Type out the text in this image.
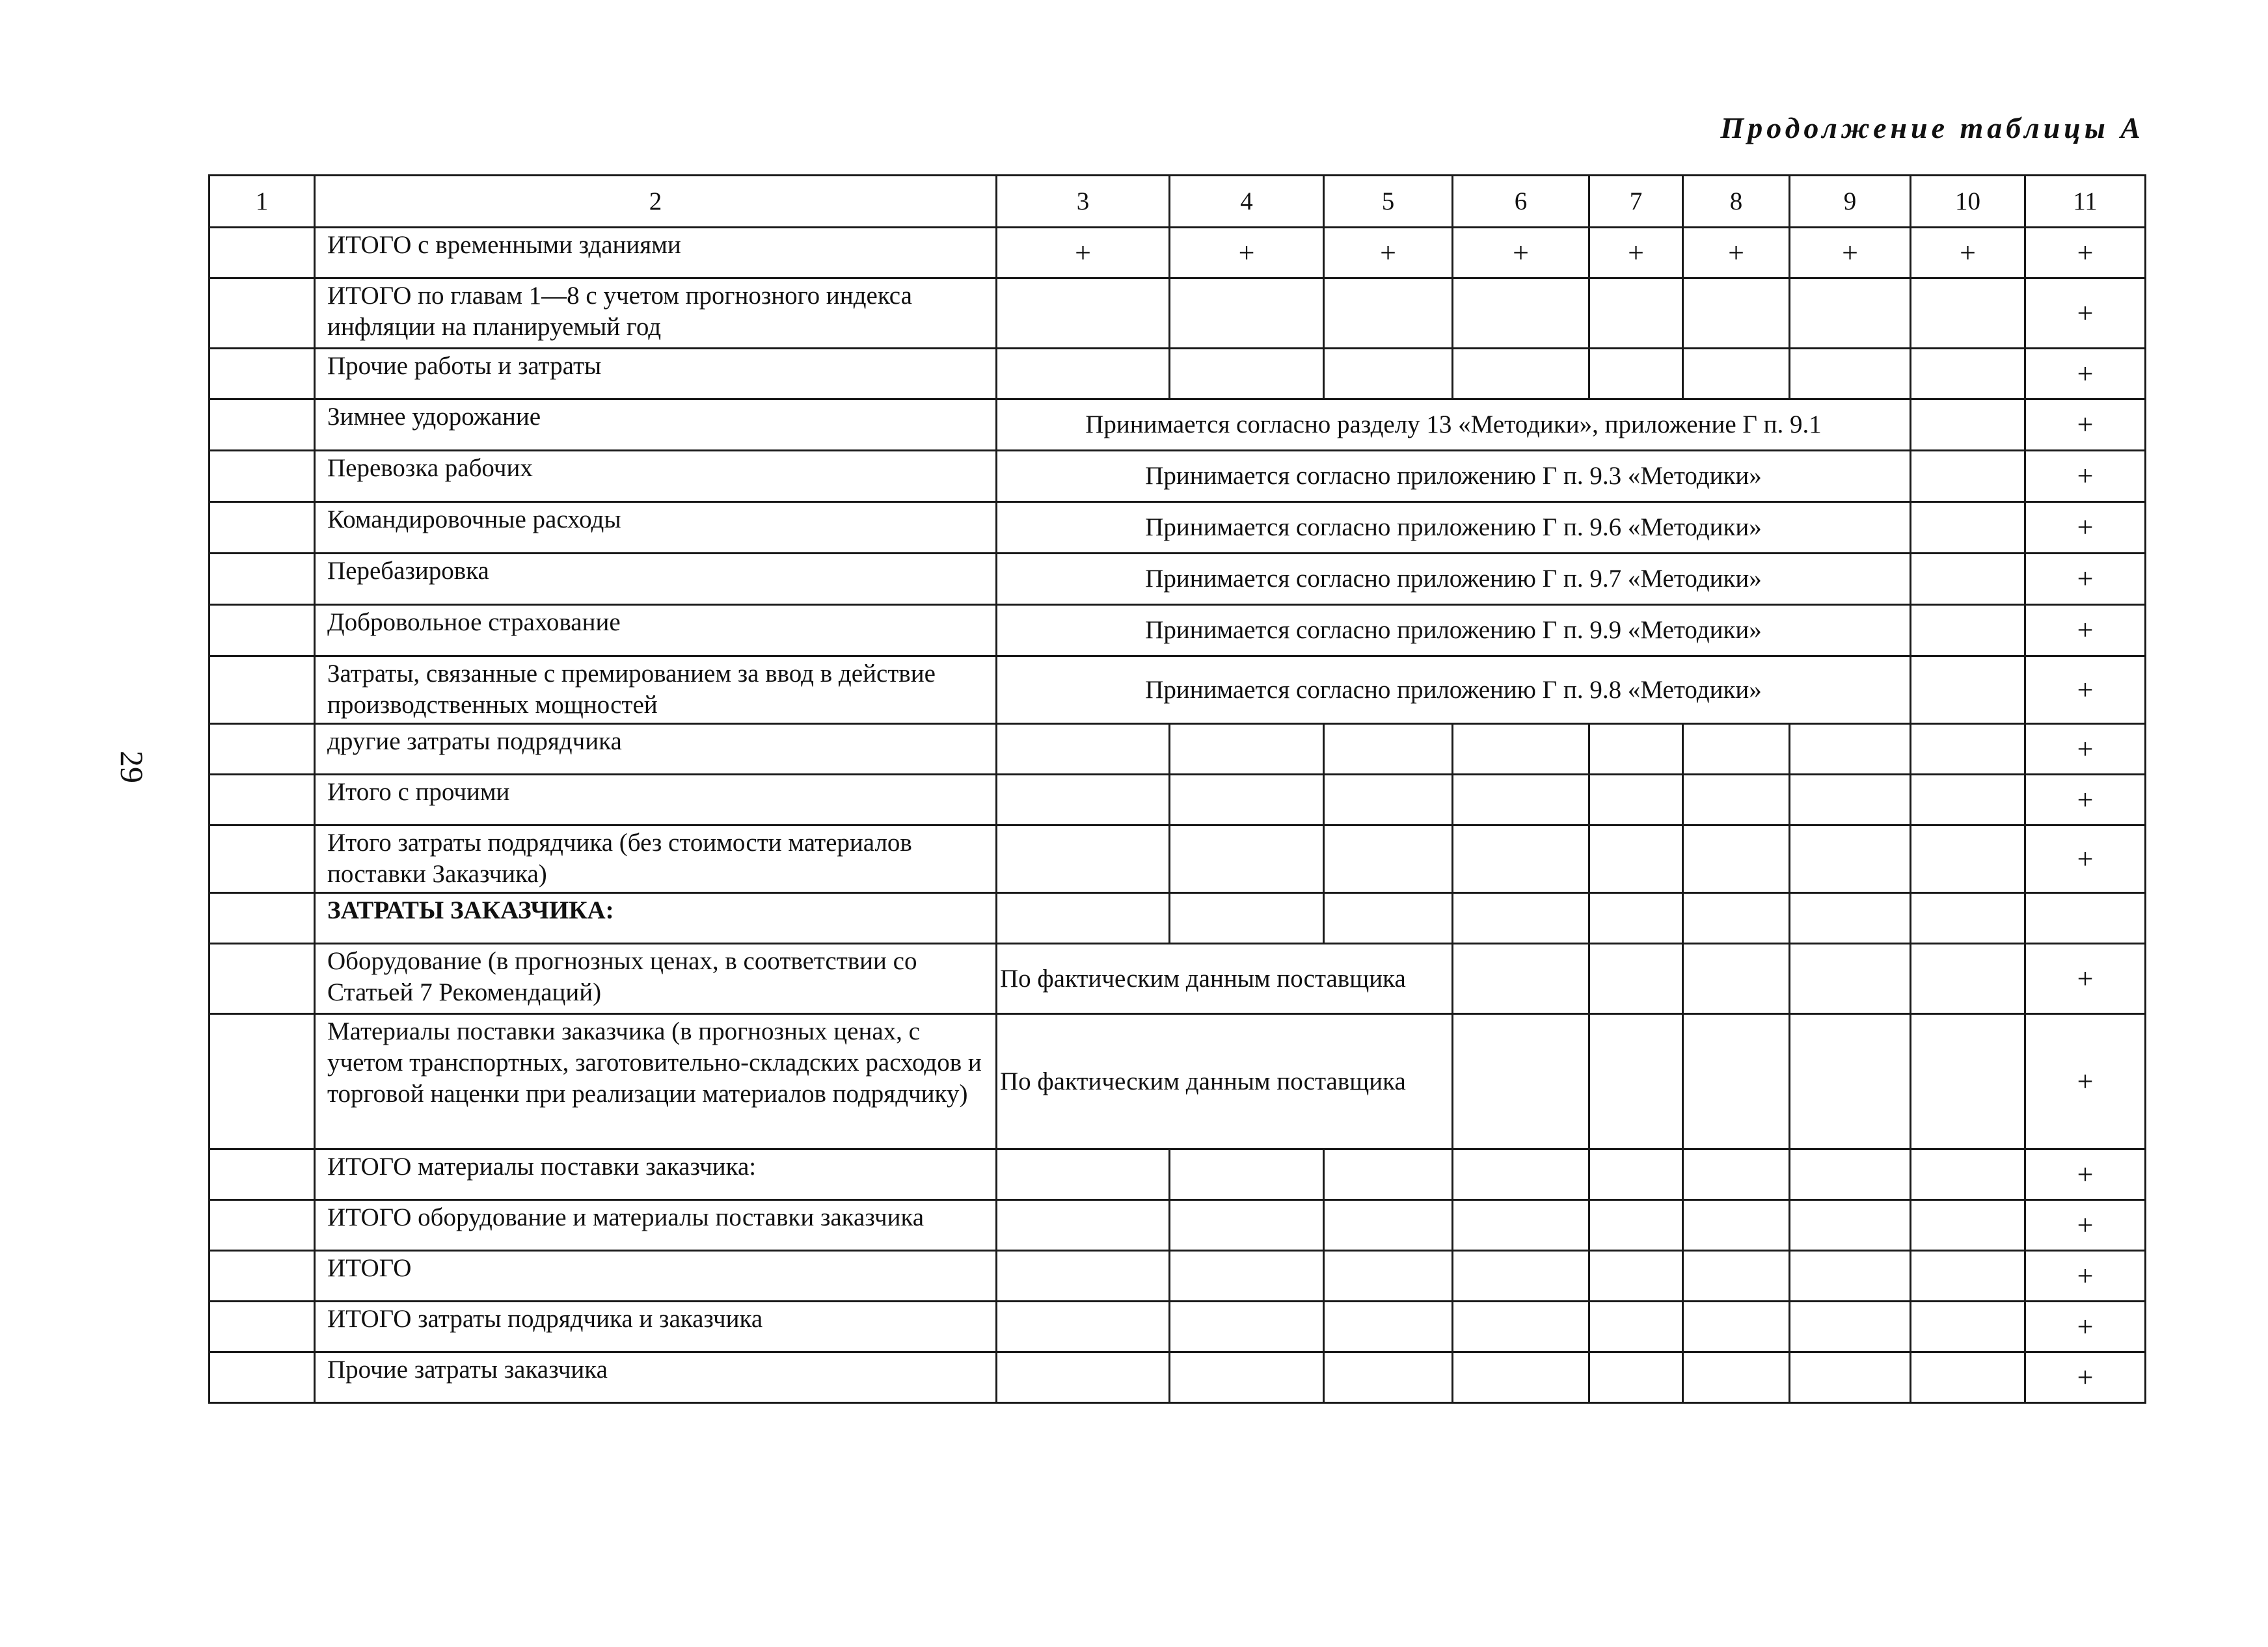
Продолжение таблицы А
29
1	2	3	4	5	6	7	8	9	10	11
	ИТОГО с временными зданиями	+	+	+	+	+	+	+	+	+
	ИТОГО по главам 1—8 с учетом прогнозного индекса инфляции на планируемый год									+
	Прочие работы и затраты									+
	Зимнее удорожание	Принимается согласно разделу 13 «Методики», приложение Г п. 9.1								+
	Перевозка рабочих	Принимается согласно приложению Г п. 9.3 «Методики»								+
	Командировочные расходы	Принимается согласно приложению Г п. 9.6 «Методики»								+
	Перебазировка	Принимается согласно приложению Г п. 9.7 «Методики»								+
	Добровольное страхование	Принимается согласно приложению Г п. 9.9 «Методики»								+
	Затраты, связанные с премированием за ввод в действие производственных мощностей	Принимается согласно приложению Г п. 9.8 «Методики»								+
	другие затраты подрядчика									+
	Итого с прочими									+
	Итого затраты подрядчика (без стоимости материалов поставки Заказчика)									+
	ЗАТРАТЫ ЗАКАЗЧИКА:									
	Оборудование (в прогнозных ценах, в соответствии со Статьей 7 Рекомендаций)	По фактическим данным поставщика								+
	Материалы поставки заказчика (в прогнозных ценах, с учетом транспортных, заготовительно-складских расходов и торговой наценки при реализации материалов подрядчику)	По фактическим данным поставщика								+
	ИТОГО материалы поставки заказчика:									+
	ИТОГО оборудование и материалы поставки заказчика									+
	ИТОГО									+
	ИТОГО затраты подрядчика и заказчика									+
	Прочие затраты заказчика									+
